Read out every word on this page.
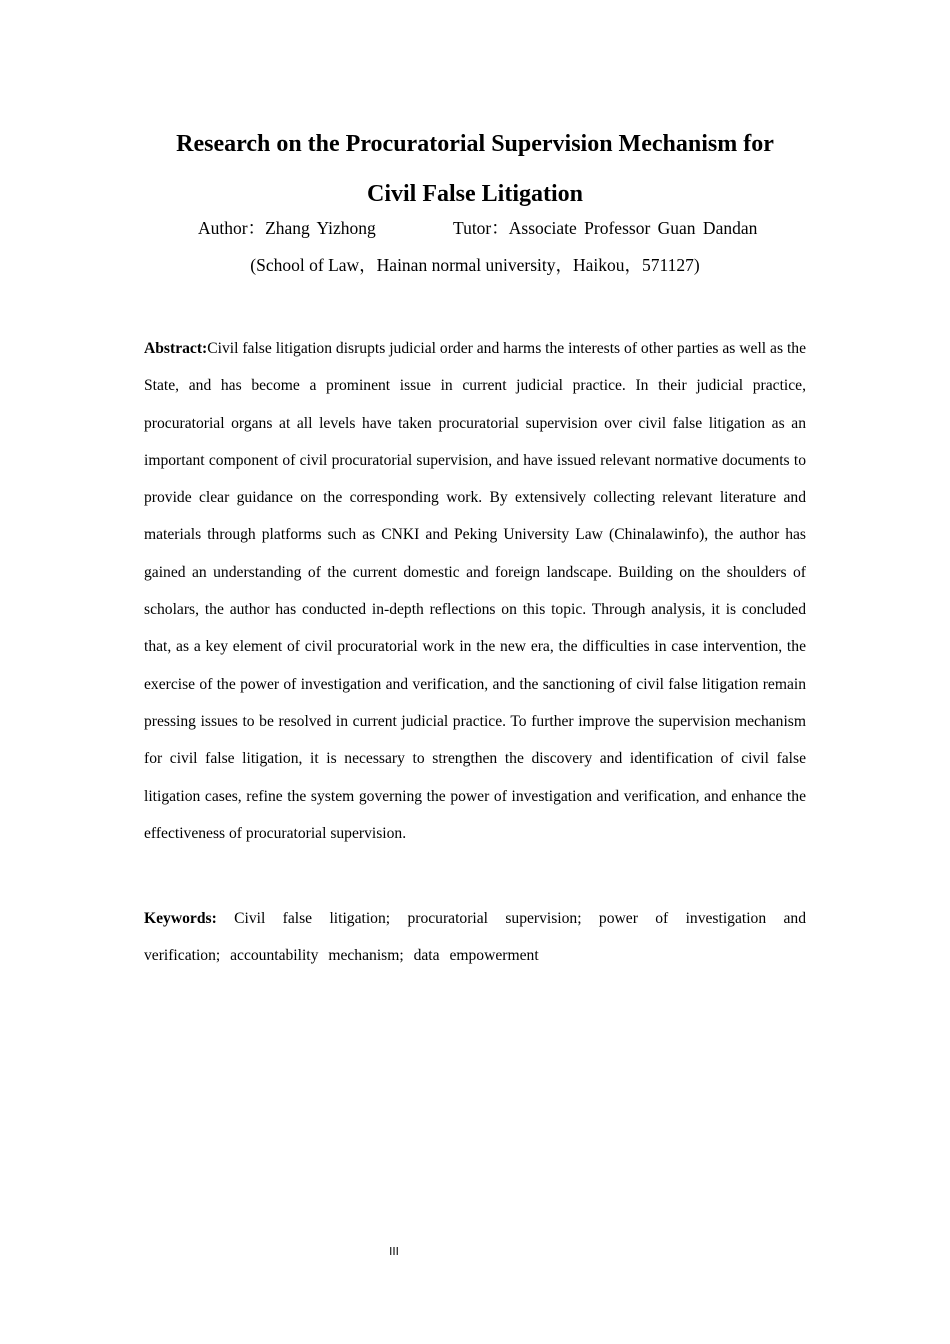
Research on the Procuratorial Supervision Mechanism for
Civil False Litigation
Author：Zhang Yizhong	Tutor：Associate Professor Guan Dandan
(School of Law，Hainan normal university，Haikou，571127)

Abstract:Civil false litigation disrupts judicial order and harms the interests of other parties as well as the State, and has become a prominent issue in current judicial practice. In their judicial practice, procuratorial organs at all levels have taken procuratorial supervision over civil false litigation as an important component of civil procuratorial supervision, and have issued relevant normative documents to provide clear guidance on the corresponding work. By extensively collecting relevant literature and materials through platforms such as CNKI and Peking University Law (Chinalawinfo), the author has gained an understanding of the current domestic and foreign landscape. Building on the shoulders of scholars, the author has conducted in-depth reflections on this topic. Through analysis, it is concluded that, as a key element of civil procuratorial work in the new era, the difficulties in case intervention, the exercise of the power of investigation and verification, and the sanctioning of civil false litigation remain pressing issues to be resolved in current judicial practice. To further improve the supervision mechanism for civil false litigation, it is necessary to strengthen the discovery and identification of civil false litigation cases, refine the system governing the power of investigation and verification, and enhance the effectiveness of procuratorial supervision.

Keywords: Civil false litigation; procuratorial supervision; power of investigation and verification; accountability mechanism; data empowerment

III
